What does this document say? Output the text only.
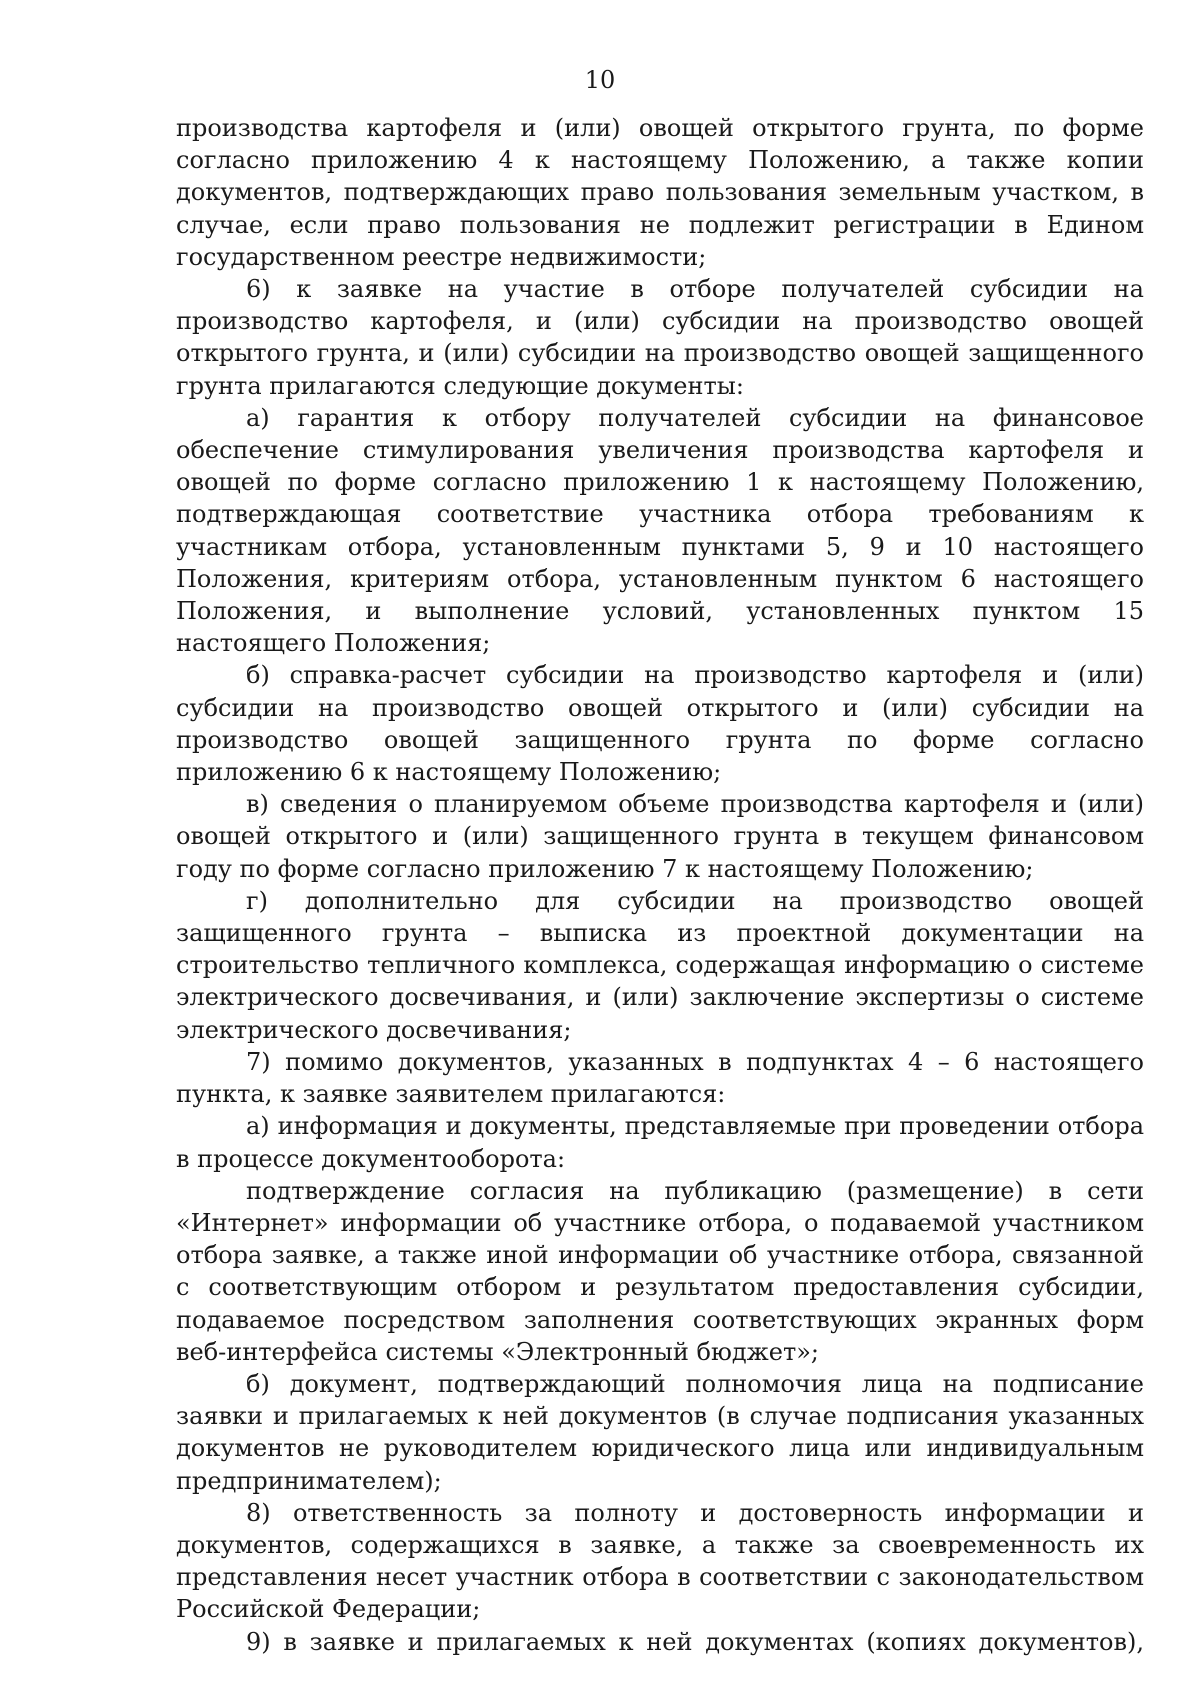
10

производства картофеля и (или) овощей открытого грунта, по форме согласно приложению 4 к настоящему Положению, а также копии документов, подтверждающих право пользования земельным участком, в случае, если право пользования не подлежит регистрации в Едином государственном реестре недвижимости;

6) к заявке на участие в отборе получателей субсидии на производство картофеля, и (или) субсидии на производство овощей открытого грунта, и (или) субсидии на производство овощей защищенного грунта прилагаются следующие документы:

а) гарантия к отбору получателей субсидии на финансовое обеспечение стимулирования увеличения производства картофеля и овощей по форме согласно приложению 1 к настоящему Положению, подтверждающая соответствие участника отбора требованиям к участникам отбора, установленным пунктами 5, 9 и 10 настоящего Положения, критериям отбора, установленным пунктом 6 настоящего Положения, и выполнение условий, установленных пунктом 15 настоящего Положения;

б) справка-расчет субсидии на производство картофеля и (или) субсидии на производство овощей открытого и (или) субсидии на производство овощей защищенного грунта по форме согласно приложению 6 к настоящему Положению;

в) сведения о планируемом объеме производства картофеля и (или) овощей открытого и (или) защищенного грунта в текущем финансовом году по форме согласно приложению 7 к настоящему Положению;

г) дополнительно для субсидии на производство овощей защищенного грунта – выписка из проектной документации на строительство тепличного комплекса, содержащая информацию о системе электрического досвечивания, и (или) заключение экспертизы о системе электрического досвечивания;

7) помимо документов, указанных в подпунктах 4 – 6 настоящего пункта, к заявке заявителем прилагаются:

а) информация и документы, представляемые при проведении отбора в процессе документооборота:

подтверждение согласия на публикацию (размещение) в сети «Интернет» информации об участнике отбора, о подаваемой участником отбора заявке, а также иной информации об участнике отбора, связанной с соответствующим отбором и результатом предоставления субсидии, подаваемое посредством заполнения соответствующих экранных форм веб-интерфейса системы «Электронный бюджет»;

б) документ, подтверждающий полномочия лица на подписание заявки и прилагаемых к ней документов (в случае подписания указанных документов не руководителем юридического лица или индивидуальным предпринимателем);

8) ответственность за полноту и достоверность информации и документов, содержащихся в заявке, а также за своевременность их представления несет участник отбора в соответствии с законодательством Российской Федерации;

9) в заявке и прилагаемых к ней документах (копиях документов),
